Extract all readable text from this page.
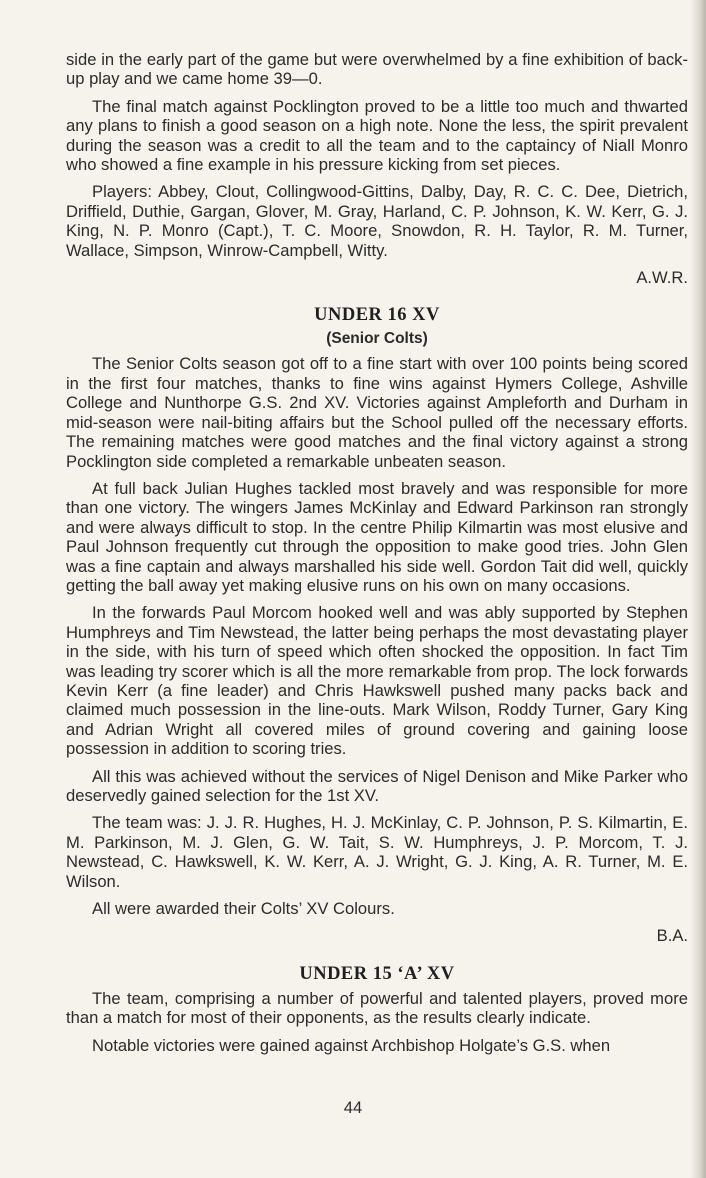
side in the early part of the game but were overwhelmed by a fine exhibition of back-up play and we came home 39—0.

The final match against Pocklington proved to be a little too much and thwarted any plans to finish a good season on a high note. None the less, the spirit prevalent during the season was a credit to all the team and to the captaincy of Niall Monro who showed a fine example in his pressure kicking from set pieces.

Players: Abbey, Clout, Collingwood-Gittins, Dalby, Day, R. C. C. Dee, Dietrich, Driffield, Duthie, Gargan, Glover, M. Gray, Harland, C. P. Johnson, K. W. Kerr, G. J. King, N. P. Monro (Capt.), T. C. Moore, Snowdon, R. H. Taylor, R. M. Turner, Wallace, Simpson, Winrow-Campbell, Witty.

A.W.R.
UNDER 16 XV
(Senior Colts)

The Senior Colts season got off to a fine start with over 100 points being scored in the first four matches, thanks to fine wins against Hymers College, Ashville College and Nunthorpe G.S. 2nd XV. Victories against Ampleforth and Durham in mid-season were nail-biting affairs but the School pulled off the necessary efforts. The remaining matches were good matches and the final victory against a strong Pocklington side completed a remarkable unbeaten season.

At full back Julian Hughes tackled most bravely and was responsible for more than one victory. The wingers James McKinlay and Edward Parkinson ran strongly and were always difficult to stop. In the centre Philip Kilmartin was most elusive and Paul Johnson frequently cut through the opposition to make good tries. John Glen was a fine captain and always marshalled his side well. Gordon Tait did well, quickly getting the ball away yet making elusive runs on his own on many occasions.

In the forwards Paul Morcom hooked well and was ably supported by Stephen Humphreys and Tim Newstead, the latter being perhaps the most devastating player in the side, with his turn of speed which often shocked the opposition. In fact Tim was leading try scorer which is all the more remarkable from prop. The lock forwards Kevin Kerr (a fine leader) and Chris Hawkswell pushed many packs back and claimed much possession in the line-outs. Mark Wilson, Roddy Turner, Gary King and Adrian Wright all covered miles of ground covering and gaining loose possession in addition to scoring tries.

All this was achieved without the services of Nigel Denison and Mike Parker who deservedly gained selection for the 1st XV.

The team was: J. J. R. Hughes, H. J. McKinlay, C. P. Johnson, P. S. Kilmartin, E. M. Parkinson, M. J. Glen, G. W. Tait, S. W. Humphreys, J. P. Morcom, T. J. Newstead, C. Hawkswell, K. W. Kerr, A. J. Wright, G. J. King, A. R. Turner, M. E. Wilson.

All were awarded their Colts’ XV Colours.

B.A.
UNDER 15 ‘A’ XV

The team, comprising a number of powerful and talented players, proved more than a match for most of their opponents, as the results clearly indicate.

Notable victories were gained against Archbishop Holgate’s G.S. when

44
